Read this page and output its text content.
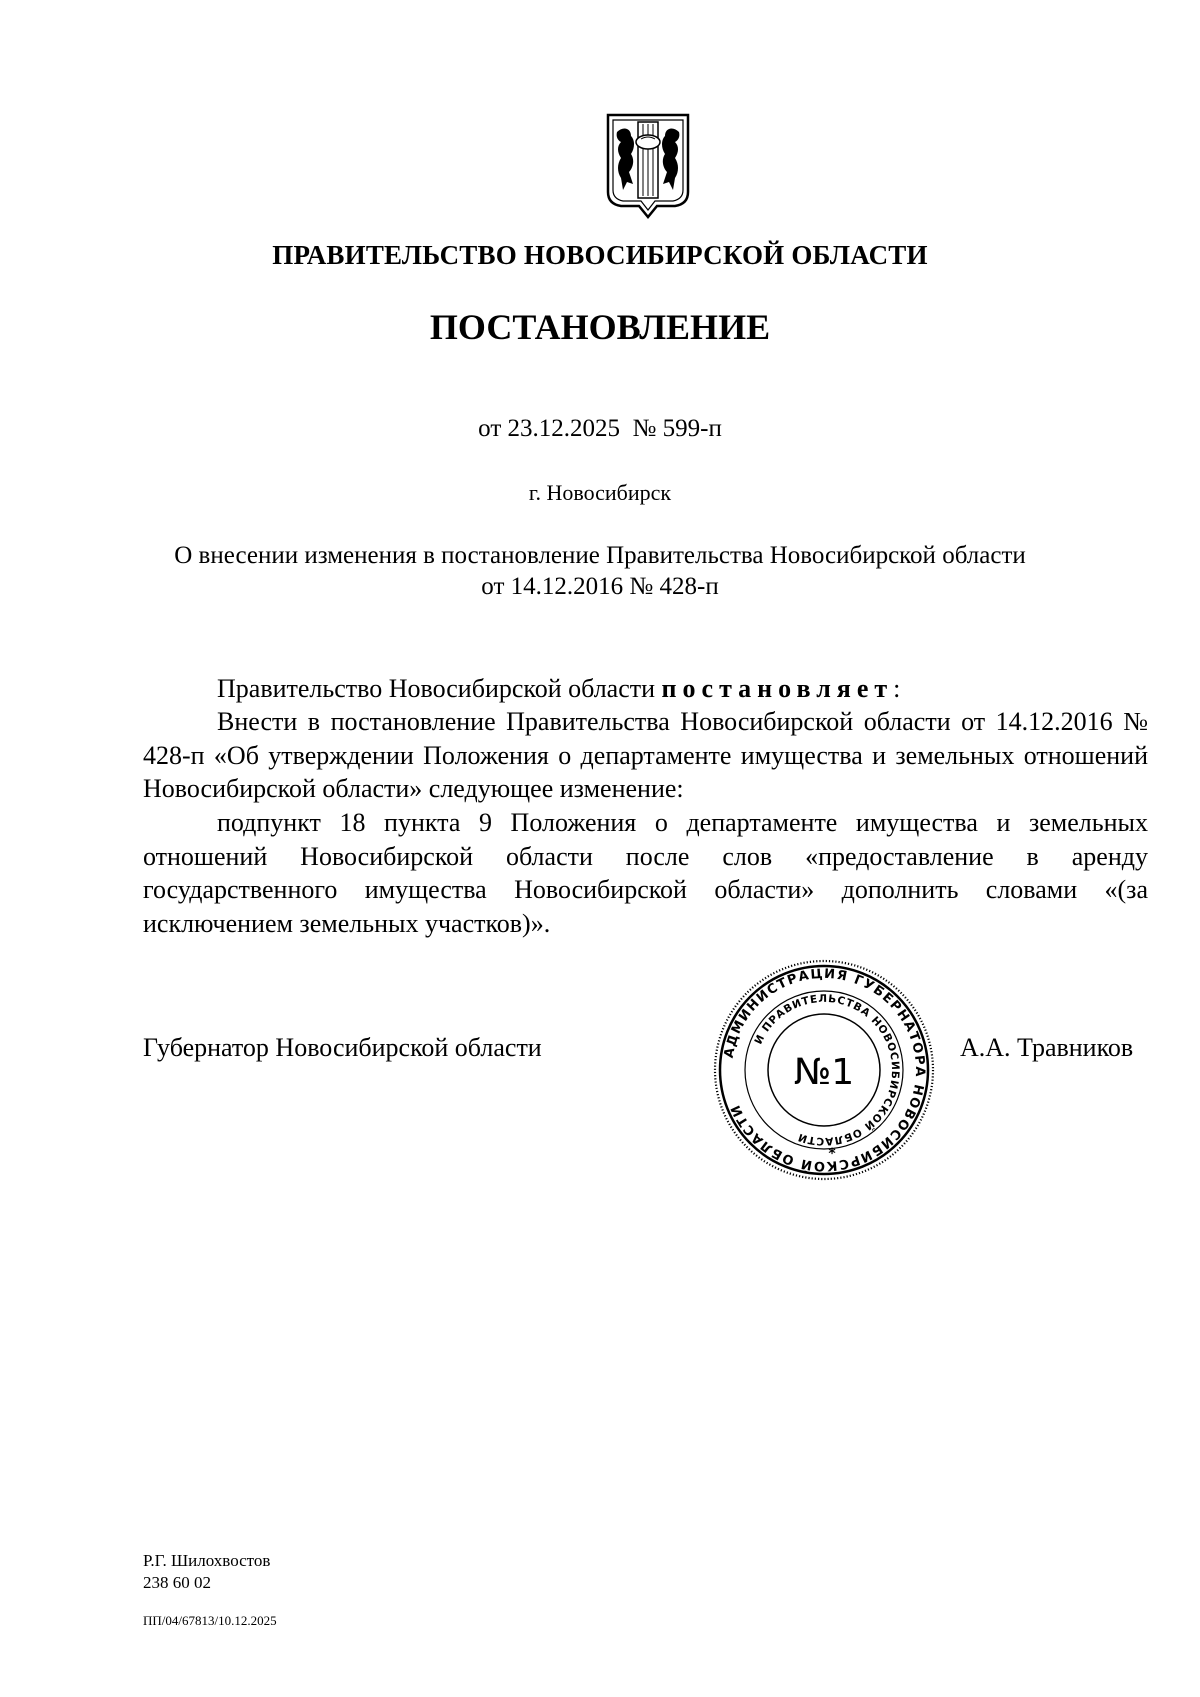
ПРАВИТЕЛЬСТВО НОВОСИБИРСКОЙ ОБЛАСТИ
ПОСТАНОВЛЕНИЕ
от 23.12.2025  № 599-п
г. Новосибирск
О внесении изменения в постановление Правительства Новосибирской области
от 14.12.2016 № 428-п
Правительство Новосибирской области постановляет:
Внести в постановление Правительства Новосибирской области от 14.12.2016 № 428-п «Об утверждении Положения о департаменте имущества и земельных отношений Новосибирской области» следующее изменение:
подпункт 18 пункта 9 Положения о департаменте имущества и земельных отношений Новосибирской области после слов «предоставление в аренду государственного имущества Новосибирской области» дополнить словами «(за исключением земельных участков)».
Губернатор Новосибирской области	АДМИНИСТРАЦИЯ ГУБЕРНАТОРА НОВОСИБИРСКОЙ ОБЛАСТИ
И ПРАВИТЕЛЬСТВА НОВОСИБИРСКОЙ ОБЛАСТИ
№1
*
А.А. Травников
Р.Г. Шилохвостов
238 60 02
ПП/04/67813/10.12.2025
